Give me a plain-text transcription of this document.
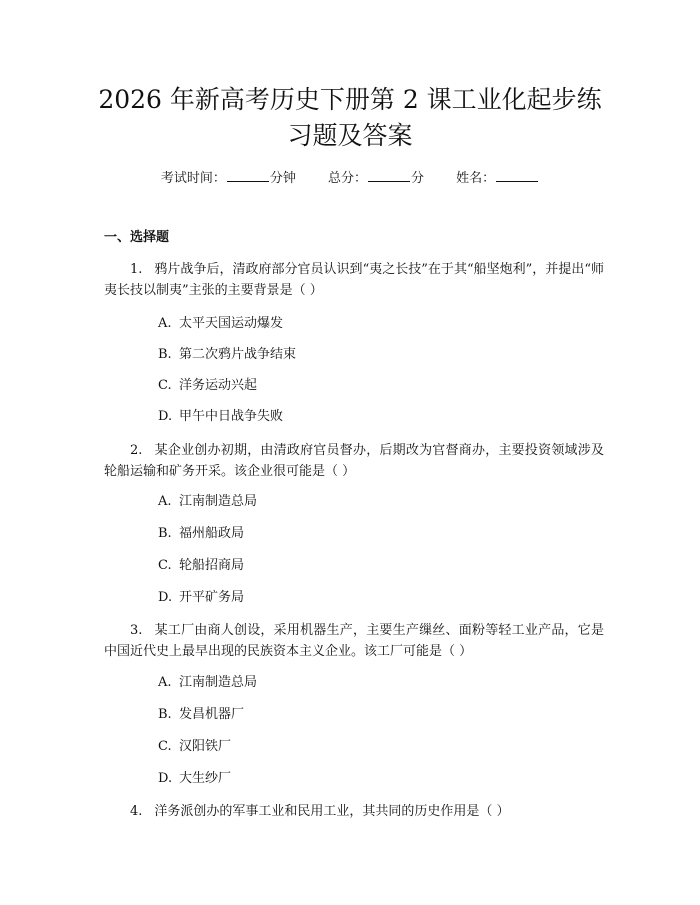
2026 年新高考历史下册第 2 课工业化起步练
习题及答案
考试时间：	分钟 总分：	分 姓名：
一、选择题
1. 鸦片战争后，清政府部分官员认识到“夷之长技”在于其“船坚炮利”，并提出“师夷长技以制夷”主张的主要背景是（ ）
A. 太平天国运动爆发
B. 第二次鸦片战争结束
C. 洋务运动兴起
D. 甲午中日战争失败
2. 某企业创办初期，由清政府官员督办，后期改为官督商办，主要投资领域涉及轮船运输和矿务开采。该企业很可能是（ ）
A. 江南制造总局
B. 福州船政局
C. 轮船招商局
D. 开平矿务局
3. 某工厂由商人创设，采用机器生产，主要生产缫丝、面粉等轻工业产品，它是中国近代史上最早出现的民族资本主义企业。该工厂可能是（ ）
A. 江南制造总局
B. 发昌机器厂
C. 汉阳铁厂
D. 大生纱厂
4. 洋务派创办的军事工业和民用工业，其共同的历史作用是（ ）
